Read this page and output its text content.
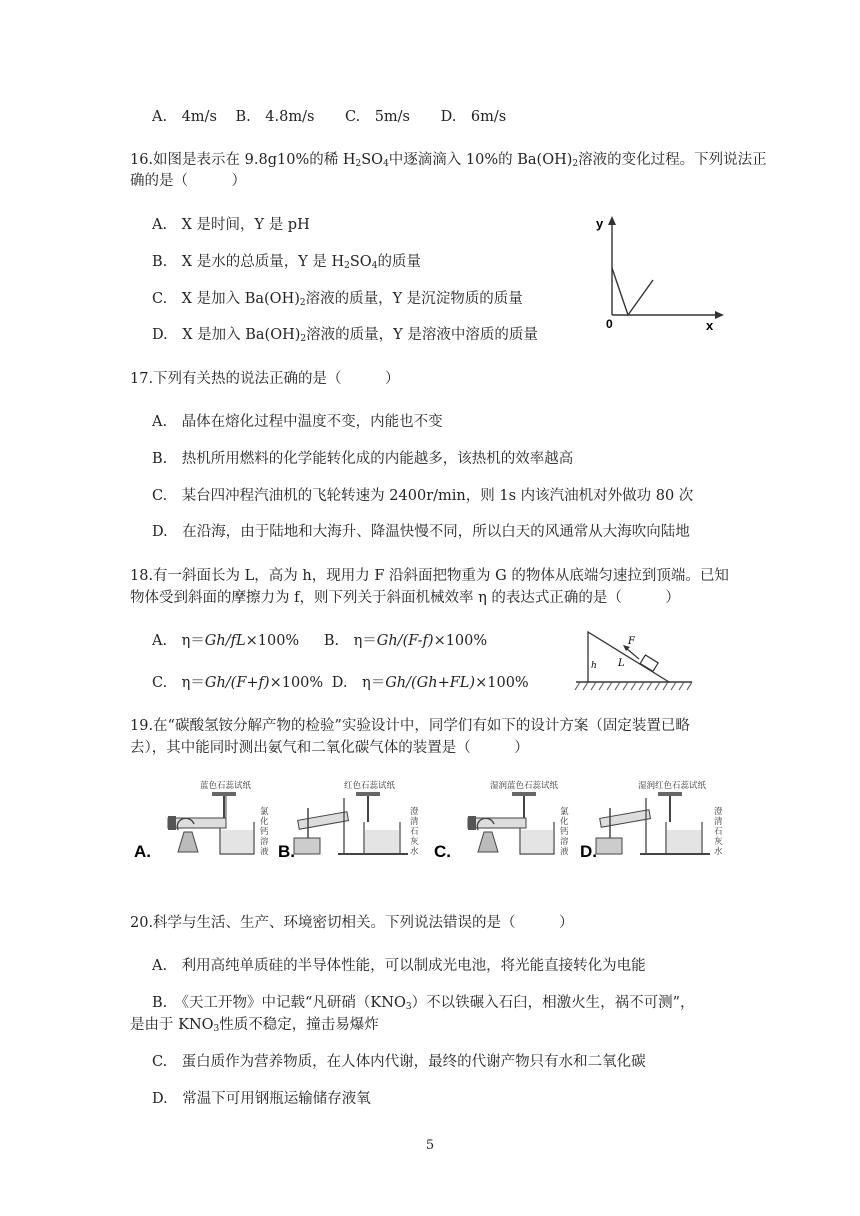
A.　4m/s B.　4.8m/s C.　5m/s D.　6m/s
16.如图是表示在 9.8g10%的稀 $H_2SO_4$中逐滴滴入 10%的 $Ba(OH)_2$溶液的变化过程。下列说法正
确的是（　　　）
A.　X 是时间，Y 是 pH
B.　X 是水的总质量，Y 是 $H_2SO_4$的质量
C.　X 是加入 $Ba(OH)_2$溶液的质量，Y 是沉淀物质的质量
D.　X 是加入 $Ba(OH)_2$溶液的质量，Y 是溶液中溶质的质量
y
0	x
17.下列有关热的说法正确的是（　　　）
A.　晶体在熔化过程中温度不变，内能也不变
B.　热机所用燃料的化学能转化成的内能越多，该热机的效率越高
C.　某台四冲程汽油机的飞轮转速为 2400r/min，则 1s 内该汽油机对外做功 80 次
D.　在沿海，由于陆地和大海升、降温快慢不同，所以白天的风通常从大海吹向陆地
18.有一斜面长为 L，高为 h，现用力 F 沿斜面把物重为 G 的物体从底端匀速拉到顶端。已知
物体受到斜面的摩擦力为 f，则下列关于斜面机械效率 η 的表达式正确的是（　　　）
A.　η＝Gh/fL×100% B.　η＝Gh/(F-f)×100%
C.　η＝Gh/(F+f)×100% D.　η＝Gh/(Gh+FL)×100%
F
L
h
19.在“碳酸氢铵分解产物的检验”实验设计中，同学们有如下的设计方案（固定装置已略
去），其中能同时测出氨气和二氧化碳气体的装置是（　　　）
蓝色石蕊试纸
A.
氯
化
钙
溶
液
红色石蕊试纸
B.
澄
清
石
灰
水
湿润蓝色石蕊试纸
C.
氯
化
钙
溶
液
湿润红色石蕊试纸
D.
澄
清
石
灰
水
20.科学与生活、生产、环境密切相关。下列说法错误的是（　　　）
A.　利用高纯单质硅的半导体性能，可以制成光电池，将光能直接转化为电能
B.　《天工开物》中记载“凡研硝$(KNO_3)$不以铁碾入石臼，相激火生，祸不可测”，
是由于 $KNO_3$性质不稳定，撞击易爆炸
C.　蛋白质作为营养物质，在人体内代谢，最终的代谢产物只有水和二氧化碳
D.　常温下可用钢瓶运输储存液氧
5
